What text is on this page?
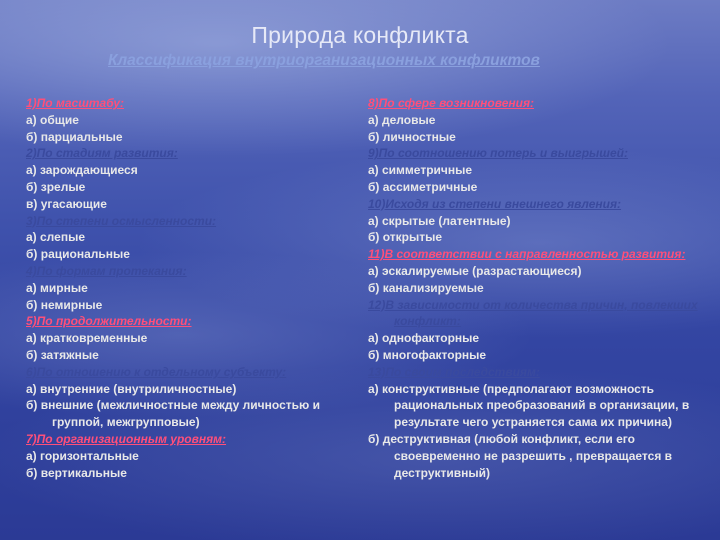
Природа конфликта
Классификация внутриорганизационных конфликтов
1)По масштабу:
а) общие
б) парциальные
2)По стадиям развития:
а) зарождающиеся
б) зрелые
в) угасающие
3)По степени осмысленности:
а) слепые
б) рациональные
4)По формам протекания:
а) мирные
б) немирные
5)По продолжительности:
а) кратковременные
б) затяжные
6)По отношению к отдельному субъекту:
а) внутренние (внутриличностные)
б) внешние (межличностные между личностью и группой, межгрупповые)
7)По организационным уровням:
а) горизонтальные
б) вертикальные
8)По сфере возникновения:
а) деловые
б) личностные
9)По соотношению потерь и выигрышей:
а) симметричные
б) ассиметричные
10)Исходя из степени внешнего явления:
а) скрытые (латентные)
б) открытые
11)В соответствии с направленностью развития:
а) эскалируемые (разрастающиеся)
б) канализируемые
12)В зависимости от количества причин, повлекших конфликт:
а) однофакторные
б) многофакторные
13)По своим последствиям:
а) конструктивные (предполагают возможность рациональных преобразований в организации, в результате чего устраняется сама их причина)
б) деструктивная (любой конфликт, если его своевременно не разрешить , превращается в деструктивный)
